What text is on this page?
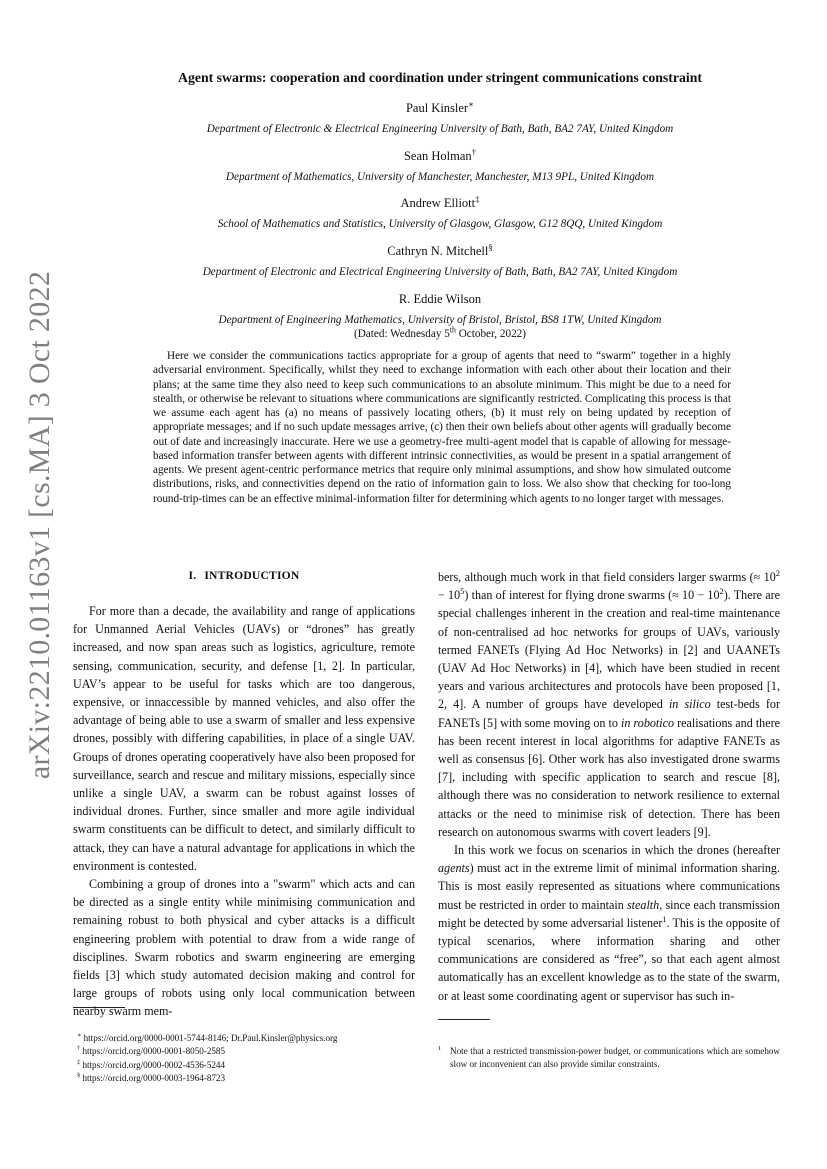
arXiv:2210.01163v1 [cs.MA] 3 Oct 2022
Agent swarms: cooperation and coordination under stringent communications constraint
Paul Kinsler∗
Department of Electronic & Electrical Engineering University of Bath, Bath, BA2 7AY, United Kingdom
Sean Holman†
Department of Mathematics, University of Manchester, Manchester, M13 9PL, United Kingdom
Andrew Elliott‡
School of Mathematics and Statistics, University of Glasgow, Glasgow, G12 8QQ, United Kingdom
Cathryn N. Mitchell§
Department of Electronic and Electrical Engineering University of Bath, Bath, BA2 7AY, United Kingdom
R. Eddie Wilson
Department of Engineering Mathematics, University of Bristol, Bristol, BS8 1TW, United Kingdom
(Dated: Wednesday 5th October, 2022)

Here we consider the communications tactics appropriate for a group of agents that need to “swarm” together in a highly adversarial environment. Specifically, whilst they need to exchange information with each other about their location and their plans; at the same time they also need to keep such communications to an absolute minimum. This might be due to a need for stealth, or otherwise be relevant to situations where communications are significantly restricted. Complicating this process is that we assume each agent has (a) no means of passively locating others, (b) it must rely on being updated by reception of appropriate messages; and if no such update messages arrive, (c) then their own beliefs about other agents will gradually become out of date and increasingly inaccurate. Here we use a geometry-free multi-agent model that is capable of allowing for message-based information transfer between agents with different intrinsic connectivities, as would be present in a spatial arrangement of agents. We present agent-centric performance metrics that require only minimal assumptions, and show how simulated outcome distributions, risks, and connectivities depend on the ratio of information gain to loss. We also show that checking for too-long round-trip-times can be an effective minimal-information filter for determining which agents to no longer target with messages.

I. INTRODUCTION

For more than a decade, the availability and range of applications for Unmanned Aerial Vehicles (UAVs) or “drones” has greatly increased, and now span areas such as logistics, agriculture, remote sensing, communication, security, and defense [1, 2]. In particular, UAV’s appear to be useful for tasks which are too dangerous, expensive, or innaccessible by manned vehicles, and also offer the advantage of being able to use a swarm of smaller and less expensive drones, possibly with differing capabilities, in place of a single UAV. Groups of drones operating cooperatively have also been proposed for surveillance, search and rescue and military missions, especially since unlike a single UAV, a swarm can be robust against losses of individual drones. Further, since smaller and more agile individual swarm constituents can be difficult to detect, and similarly difficult to attack, they can have a natural advantage for applications in which the environment is contested.

Combining a group of drones into a "swarm" which acts and can be directed as a single entity while minimising communication and remaining robust to both physical and cyber attacks is a difficult engineering problem with potential to draw from a wide range of disciplines. Swarm robotics and swarm engineering are emerging fields [3] which study automated decision making and control for large groups of robots using only local communication between nearby swarm mem-

bers, although much work in that field considers larger swarms (≈ $10^2 - 10^5$) than of interest for flying drone swarms (≈ $10 - 10^2$). There are special challenges inherent in the creation and real-time maintenance of non-centralised ad hoc networks for groups of UAVs, variously termed FANETs (Flying Ad Hoc Networks) in [2] and UAANETs (UAV Ad Hoc Networks) in [4], which have been studied in recent years and various architectures and protocols have been proposed [1, 2, 4]. A number of groups have developed in silico test-beds for FANETs [5] with some moving on to in robotico realisations and there has been recent interest in local algorithms for adaptive FANETs as well as consensus [6]. Other work has also investigated drone swarms [7], including with specific application to search and rescue [8], although there was no consideration to network resilience to external attacks or the need to minimise risk of detection. There has been research on autonomous swarms with covert leaders [9].

In this work we focus on scenarios in which the drones (hereafter agents) must act in the extreme limit of minimal information sharing. This is most easily represented as situations where communications must be restricted in order to maintain stealth, since each transmission might be detected by some adversarial listener$^1$. This is the opposite of typical scenarios, where information sharing and other communications are considered as “free”, so that each agent almost automatically has an excellent knowledge as to the state of the swarm, or at least some coordinating agent or supervisor has such in-

∗ https://orcid.org/0000-0001-5744-8146; Dr.Paul.Kinsler@physics.org
† https://orcid.org/0000-0001-8050-2585
‡ https://orcid.org/0000-0002-4536-5244
§ https://orcid.org/0000-0003-1964-8723
$^1$ Note that a restricted transmission-power budget, or communications which are somehow slow or inconvenient can also provide similar constraints.
